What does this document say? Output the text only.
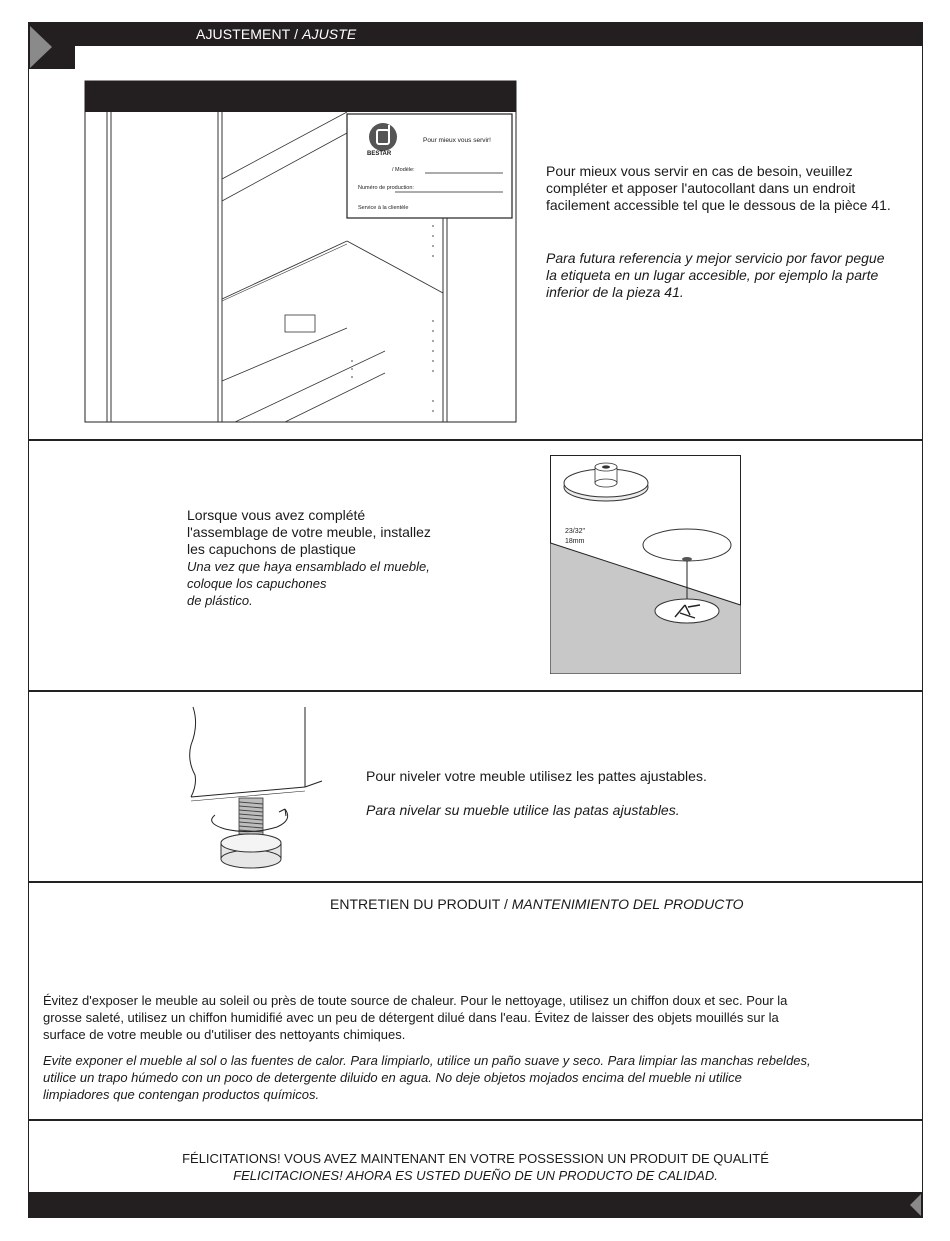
AJUSTEMENT / AJUSTE
BESTAR
Pour mieux vous servir!
/ Modèle:
Numéro de production:
Service à la clientèle
Pour mieux vous servir en cas de besoin, veuillez compléter et apposer l'autocollant dans un endroit facilement accessible tel que le dessous de la pièce 41.
Para futura referencia y mejor servicio por favor pegue la etiqueta en un lugar accesible, por ejemplo la parte inferior de la pieza 41.
Lorsque vous avez complété
l'assemblage de votre meuble, installez
les capuchons de plastique
Una vez que haya ensamblado el mueble,
coloque los capuchones
de plástico.
23/32"
18mm
Pour niveler votre meuble utilisez les pattes ajustables.
Para nivelar su mueble utilice las patas ajustables.
ENTRETIEN DU PRODUIT / MANTENIMIENTO DEL PRODUCTO
Évitez d'exposer le meuble au soleil ou près de toute source de chaleur. Pour le nettoyage, utilisez un chiffon doux et sec. Pour la
grosse saleté, utilisez un chiffon humidifié avec un peu de détergent dilué dans l'eau. Évitez de laisser des objets mouillés sur la
surface de votre meuble ou d'utiliser des nettoyants chimiques.
Evite exponer el mueble al sol o las fuentes de calor. Para limpiarlo, utilice un paño suave y seco. Para limpiar las manchas rebeldes,
utilice un trapo húmedo con un poco de detergente diluido en agua. No deje objetos mojados encima del mueble ni utilice
limpiadores que contengan productos químicos.
FÉLICITATIONS! VOUS AVEZ MAINTENANT EN VOTRE POSSESSION UN PRODUIT DE QUALITÉ
FELICITACIONES! AHORA ES USTED DUEÑO DE UN PRODUCTO DE CALIDAD.
